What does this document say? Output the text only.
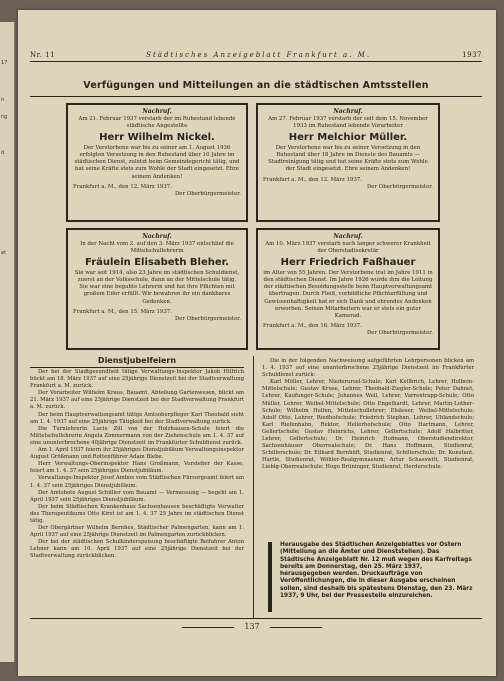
17
n
ng
d
et
Nr. 11	Städtisches Anzeigeblatt Frankfurt a. M.	1937
Verfügungen und Mitteilungen an die städtischen Amtsstellen
Nachruf.
Am 21. Februar 1937 verstarb der im Ruhestand lebende städtische Angestellte
Herr Wilhelm Nickel.
Der Verstorbene war bis zu seiner am 1. August 1936 erfolgten Versetzung in den Ruhestand über 10 Jahre im städtischen Dienst, zuletzt beim Gemeindegericht tätig, und hat seine Kräfte stets zum Wohle der Stadt eingesetzt. Ehre seinem Andenken!
Frankfurt a. M., den 12. März 1937.
Der Oberbürgermeister.
Nachruf.
Am 27. Februar 1937 verstarb der seit dem 15. November 1933 im Ruhestand lebende Vorarbeiter
Herr Melchior Müller.
Der Verstorbene war bis zu seiner Versetzung in den Ruhestand über 18 Jahre im Dienste des Bauamts — Stadtreinigung tätig und hat seine Kräfte stets zum Wohle der Stadt eingesetzt. Ehre seinem Andenken!
Frankfurt a. M., den 12. März 1937.
Der Oberbürgermeister.
Nachruf.
In der Nacht vom 2. auf den 3. März 1937 entschlief die Mittelschullehrerin
Fräulein Elisabeth Bleher.
Sie war seit 1914, also 23 Jahre im städtischen Schuldienst, zuerst an der Volksschule, dann an der Mittelschule tätig. Sie war eine begabte Lehrerin und hat ihre Pflichten mit großem Eifer erfüllt. Wir bewahren ihr ein dankbares Gedenken.
Frankfurt a. M., den 15. März 1937.
Der Oberbürgermeister.
Nachruf.
Am 10. März 1937 verstarb nach langer schwerer Krankheit der Oberstadtsekretär
Herr Friedrich Faßhauer
im Alter von 55 Jahren. Der Verstorbene trat im Jahre 1911 in den städtischen Dienst. Im Jahre 1926 wurde ihm die Leitung der städtischen Besoldungsstelle beim Hauptverwaltungsamt übertragen. Durch Fleiß, vorbildliche Pflichterfüllung und Gewissenhaftigkeit hat er sich Dank und ehrendes Andenken erworben. Seinen Mitarbeitern war er stets ein guter Kamerad.
Frankfurt a. M., den 16. März 1937.
Der Oberbürgermeister.
Dienstjubelfeiern

Der bei der Stadtgesundheit tätige Verwaltungs-Inspektor Jakob Hilfrich blickt am 18. März 1937 auf eine 25jährige Dienstzeit bei der Stadtverwaltung Frankfurt a. M. zurück.

Der Vorarbeiter Wilhelm Kraus, Bauamt, Abteilung Gartenwesen, blickt am 21. März 1937 auf eine 25jährige Dienstzeit bei der Stadtverwaltung Frankfurt a. M. zurück.

Der beim Hauptverwaltungsamt tätige Amtsoberpfleger Karl Theobald sieht am 1. 4. 1937 auf eine 25jährige Tätigkeit bei der Stadtverwaltung zurück.

Die Turnlehrerin Lucie Zill von der Holzhausen-Schule feiert die Mittelschullehrerin Angela Zimmermann von der Ziehenschule am 1. 4. 37 auf eine ununterbrochene 40jährige Dienstzeit im Frankfurter Schuldienst zurück.

Am 1. April 1937 feiern ihr 25jähriges Dienstjubiläum Verwaltungsinspektor August Größmann und Rottenführer Adam Blebe.

Herr Verwaltungs-Oberinspektor Hans Großmann, Vorsteher der Kasse, feiert am 1. 4. 37 sein 25jähriges Dienstjubiläum.

Verwaltungs-Inspektor Josef Ambos vom Städtischen Fürsorgeamt feiert am 1. 4. 37 sein 25jähriges Dienstjubiläum.

Der Amtsbote August Schüller vom Bauamt — Vermessung — begeht am 1. April 1937 sein 25jähriges Dienstjubiläum.

Der beim Städtischen Krankenhaus Sachsenhausen beschäftigte Verwalter des Therapeutikums Otto Kirst ist am 1. 4. 37 25 Jahre im städtischen Dienst tätig.

Der Obergärtner Wilhelm Bernhes, Städtischer Palmengarten, kann am 1. April 1937 auf eine 25jährige Dienstzeit im Palmengarten zurückblicken.

Der bei der städtischen Schulkinderspeisung beschäftigte Beifahrer Anton Lehner kann am 10. April 1937 auf eine 25jährige Dienstzeit bei der Stadtverwaltung zurückblicken.

Die in der folgenden Nachweisung aufgeführten Lehrpersonen blicken am 1. 4. 1937 auf eine ununterbrochene 25jährige Dienstzeit im Frankfurter Schuldienst zurück:

Karl Möller, Lehrer, Niederursel-Schule; Karl Kellbrich, Lehrer, Holbein-Mittelschule; Gustav Kruse, Lehrer, Theobald-Ziegler-Schule; Peter Dahnet, Lehrer, Kaufunger-Schule; Johannes Weil, Lehrer, Varrentrapp-Schule; Otto Müller, Lehrer, Weibel-Mittelschule; Otto Engelhardt, Lehrer, Martin-Luther-Schule; Wilhelm Helfen, Mittelschullehrer; Elsässer, Weibel-Mittelschule; Adolf Otto, Lehrer, Riedhofschule; Friedrich Stephan, Lehrer, Uhlandschule; Karl Riefenhahn, Rektor, Hellerhofschule; Otto Hartmann, Lehrer, Gellertschule; Gustav Heinrichs, Lehrer, Gellertschule; Adolf Halbritter, Lehrer, Gellertschule; Dr. Heinrich Hofmann, Oberstudiendirektor, Sachsenhäuser Oberrealschule; Dr. Hans Hoffmann, Studienrat, Schillerschule; Dr. Eilhard Bernhöft, Studienrat, Schillerschule; Dr. Konstant. Hartle, Studienrat, Wöhler-Realgymnasium; Artur Schasswitt, Studienrat, Liebig-Oberrealschule; Hugo Brüninger, Studienrat, Herderschule.

Herausgabe des Städtischen Anzeigeblattes vor Ostern (Mitteilung an die Ämter und Dienststellen). Das Städtische Anzeigeblatt Nr. 12 muß wegen des Karfreitags bereits am Donnerstag, den 25. März 1937, herausgegeben werden. Druckaufträge von Veröffentlichungen, die in dieser Ausgabe erscheinen sollen, sind deshalb bis spätestens Dienstag, den 23. März 1937, 9 Uhr, bei der Pressestelle einzureichen.
137
